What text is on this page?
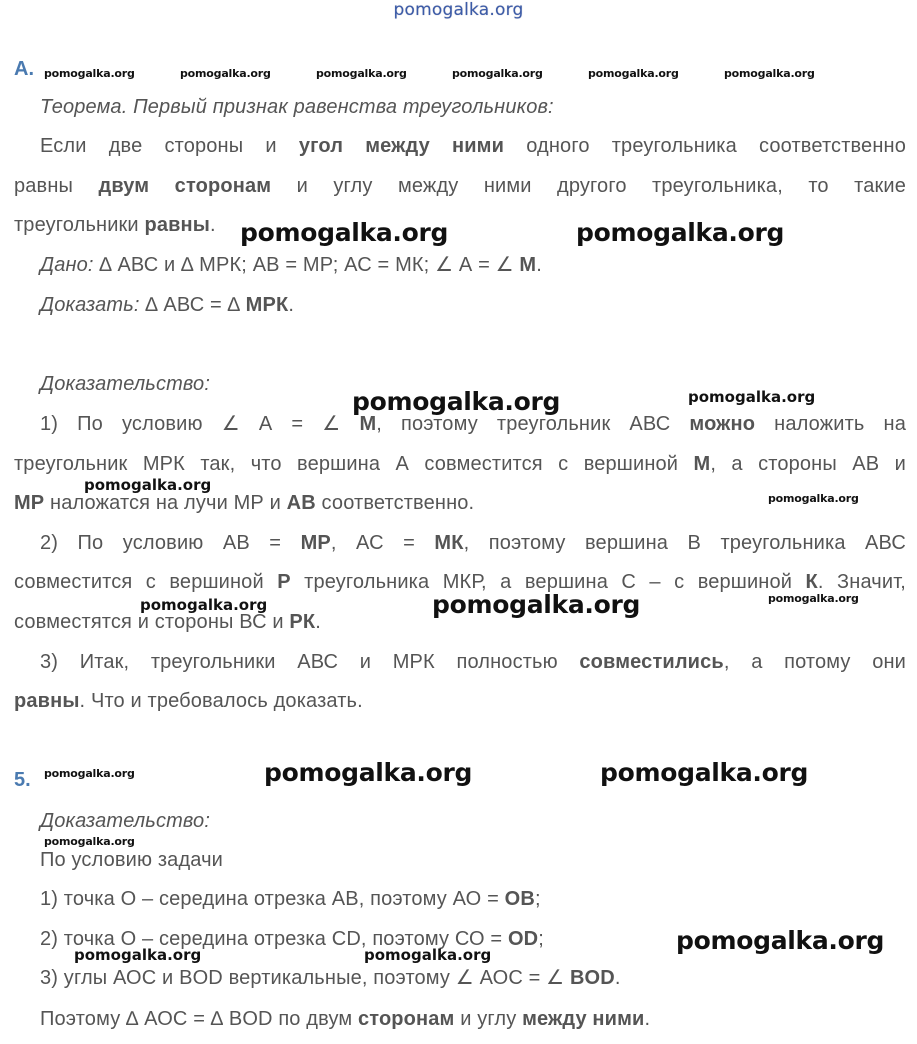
pomogalka.org
A. pomogalka.org	pomogalka.org	pomogalka.org	pomogalka.org	pomogalka.org	pomogalka.org
Теорема. Первый признак равенства треугольников:
Если две стороны и угол между ними одного треугольника соответственно
равны двум сторонам и углу между ними другого треугольника, то такие
треугольники равны. pomogalka.org	pomogalka.org
Дано: ∆ АВС и ∆ МРК; АВ = МР; АС = МК; ∠ А = ∠ М.
Доказать: ∆ АВС = ∆ МРК.
Доказательство:
pomogalka.org	pomogalka.org
1) По условию ∠ А = ∠ М, поэтому треугольник АВС можно наложить на
треугольник МРК так, что вершина А совместится с вершиной М, а стороны АВ и
pomogalka.org
МР наложатся на лучи МР и АВ соответственно.	pomogalka.org
2) По условию АВ = МР, АС = МК, поэтому вершина В треугольника АВС
совместится с вершиной Р треугольника МКР, а вершина С – с вершиной К. Значит,
pomogalka.org
pomogalka.org	pomogalka.org
совместятся и стороны ВС и РК.
3) Итак, треугольники АВС и МРК полностью совместились, а потому они
равны. Что и требовалось доказать.
5. pomogalka.org	pomogalka.org	pomogalka.org
Доказательство:
pomogalka.org
По условию задачи
1) точка О – середина отрезка АВ, поэтому АО = ОВ;
2) точка О – середина отрезка CD, поэтому СО = OD;	pomogalka.org
pomogalka.org	pomogalka.org
3) углы АОС и BOD вертикальные, поэтому ∠ АОС = ∠ BOD.
Поэтому ∆ АОС = ∆ BOD по двум сторонам и углу между ними.
